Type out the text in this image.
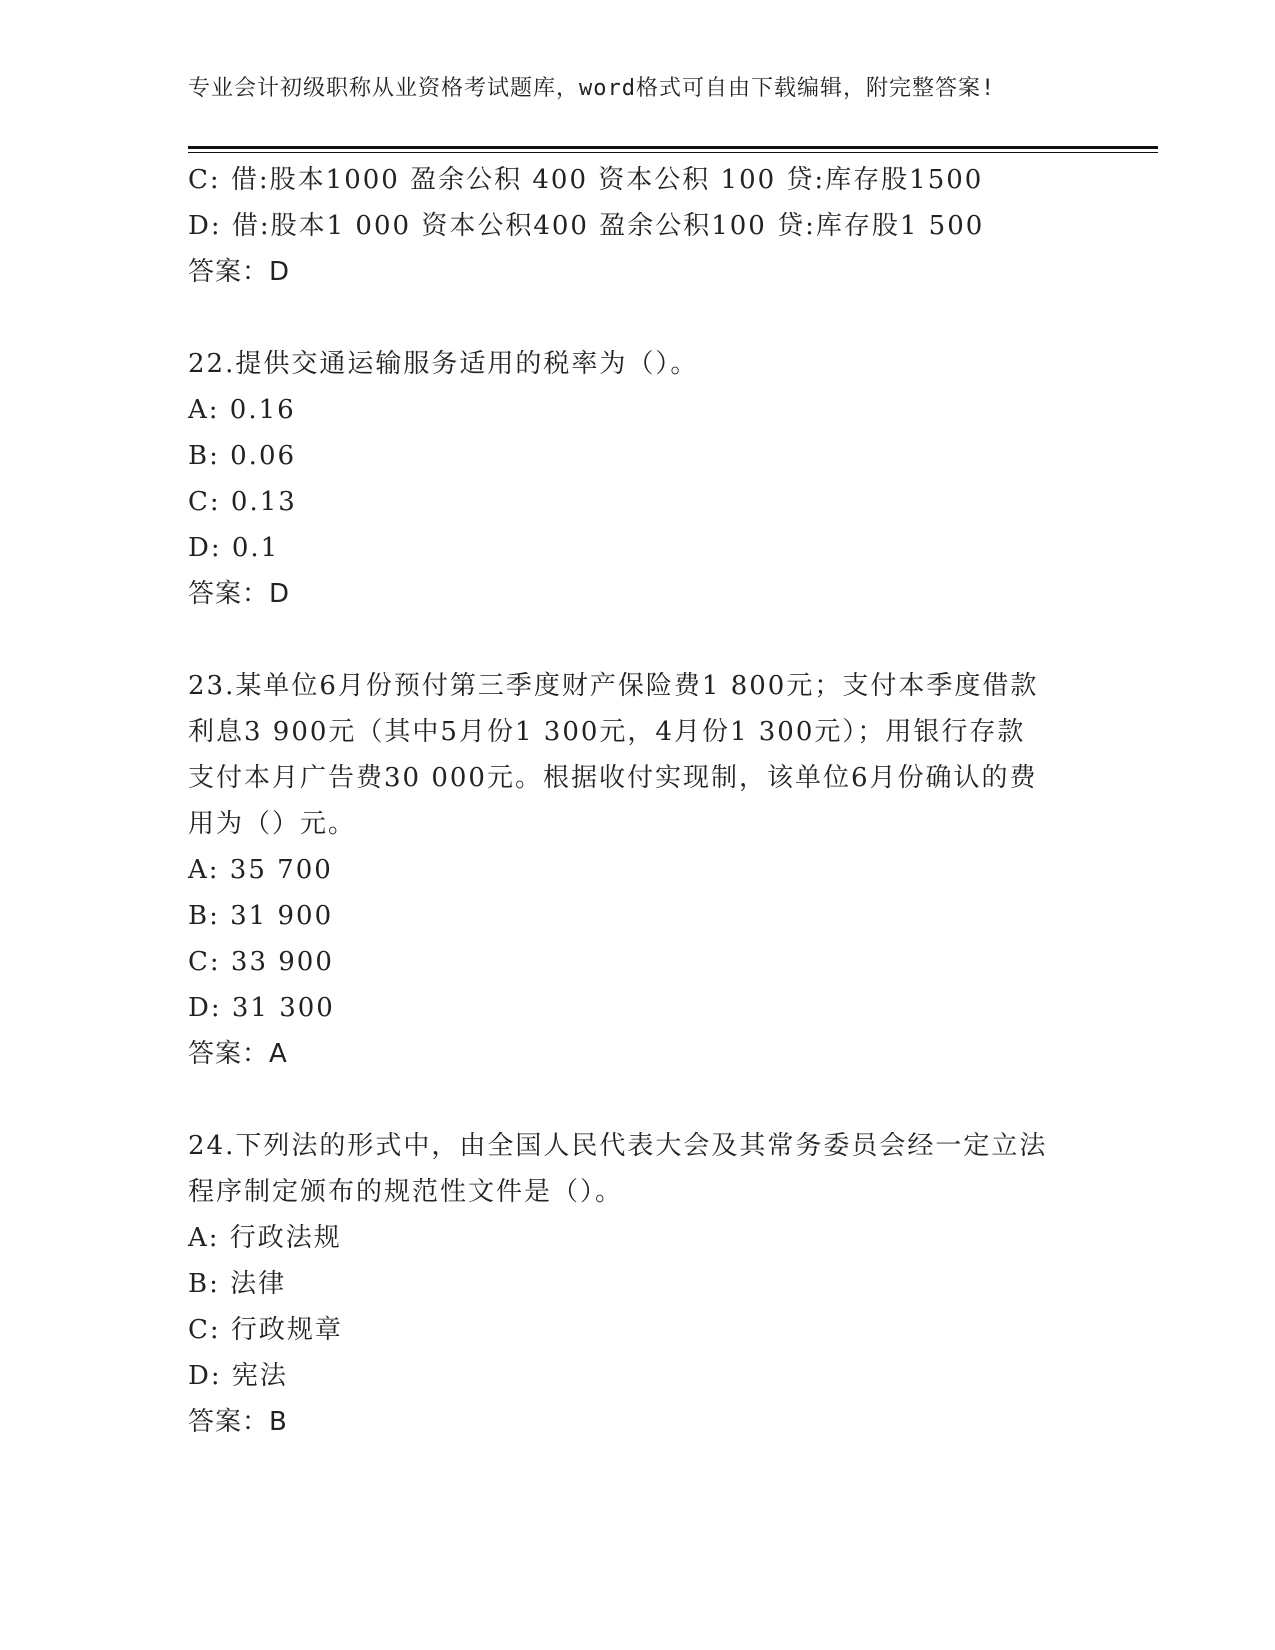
专业会计初级职称从业资格考试题库，word格式可自由下载编辑，附完整答案!
C: 借:股本1000 盈余公积 400 资本公积 100 贷:库存股1500
D: 借:股本1 000 资本公积400 盈余公积100 贷:库存股1 500
答案：D
22.提供交通运输服务适用的税率为（）。
A: 0.16
B: 0.06
C: 0.13
D: 0.1
答案：D
23.某单位6月份预付第三季度财产保险费1 800元；支付本季度借款
利息3 900元（其中5月份1 300元，4月份1 300元）；用银行存款
支付本月广告费30 000元。根据收付实现制，该单位6月份确认的费
用为（）元。
A: 35 700
B: 31 900
C: 33 900
D: 31 300
答案：A
24.下列法的形式中，由全国人民代表大会及其常务委员会经一定立法
程序制定颁布的规范性文件是（）。
A: 行政法规
B: 法律
C: 行政规章
D: 宪法
答案：B
